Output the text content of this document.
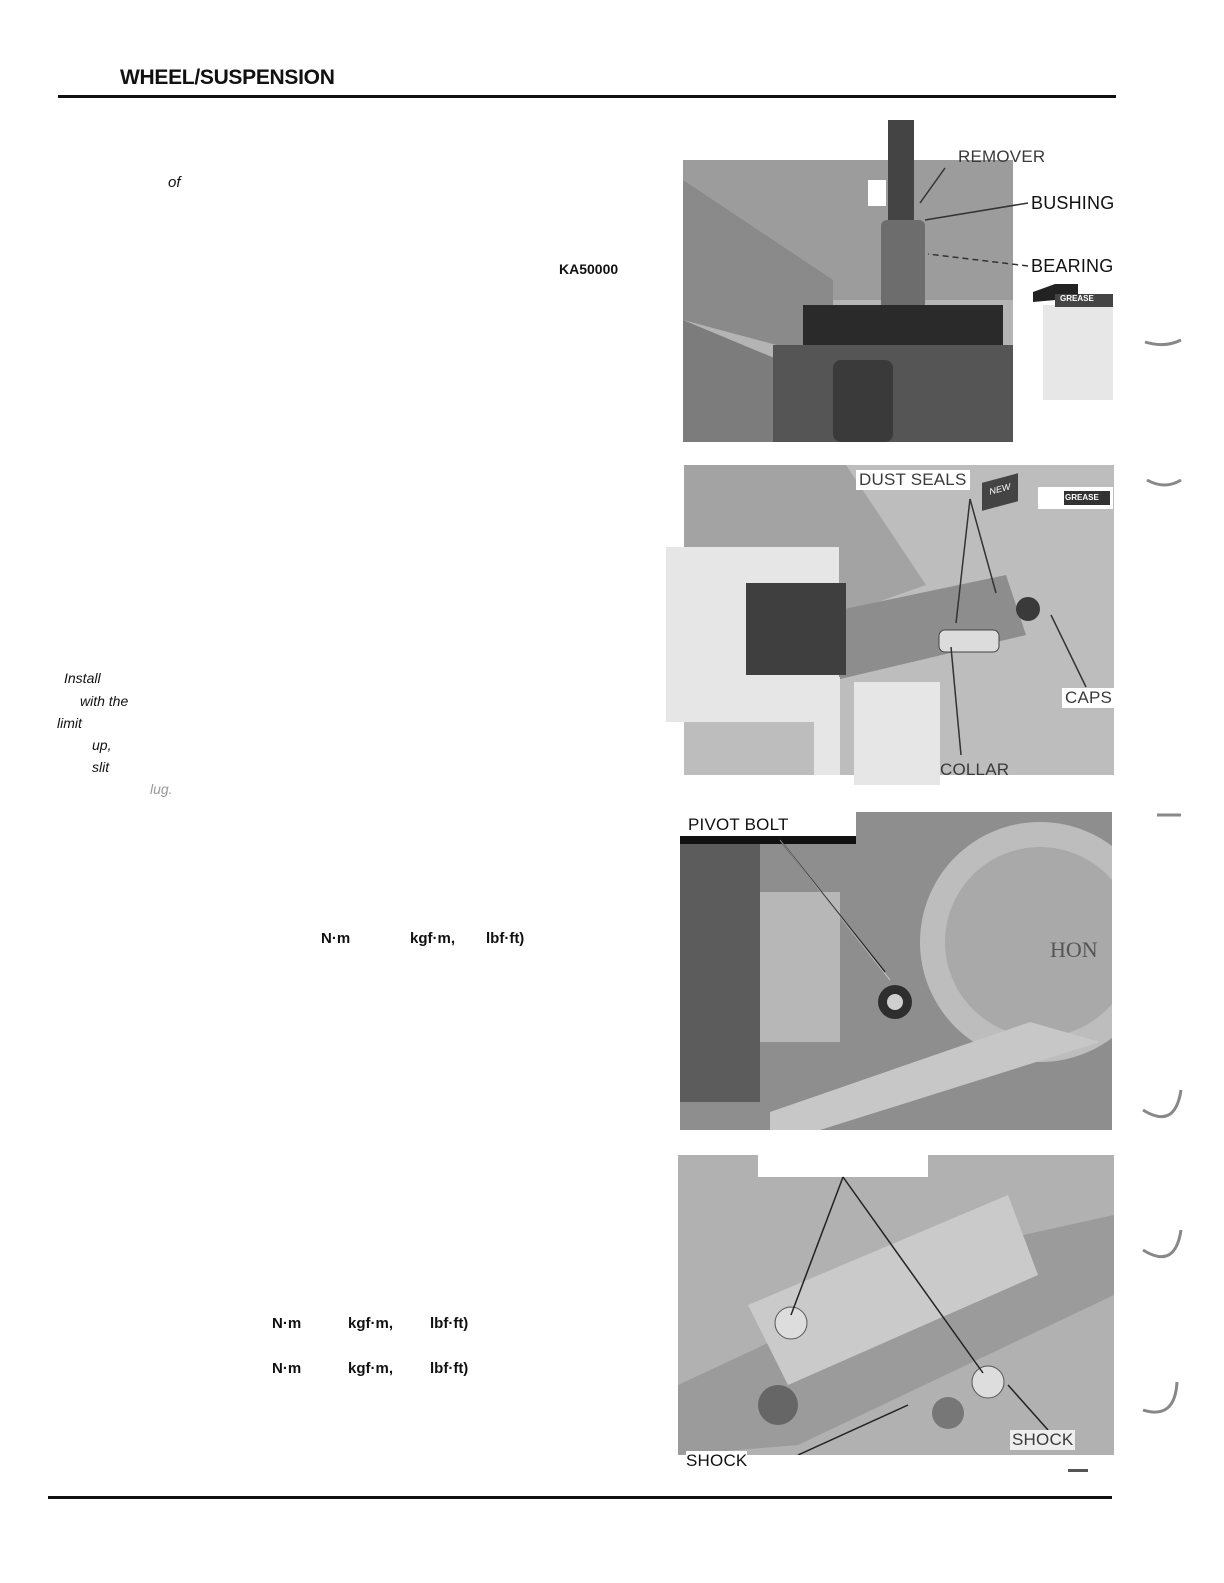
WHEEL/SUSPENSION
of
KA50000
Install
with the
limit
up,
slit
lug.
N·m	kgf·m, lbf·ft)
N·m	kgf·m, lbf·ft)
N·m	kgf·m, lbf·ft)
REMOVER
BUSHING
BEARING
GREASE
DUST SEALS	NEW
GREASE
CAPS
COLLAR
PIVOT BOLT
HON
SHOCK
SHOCK
